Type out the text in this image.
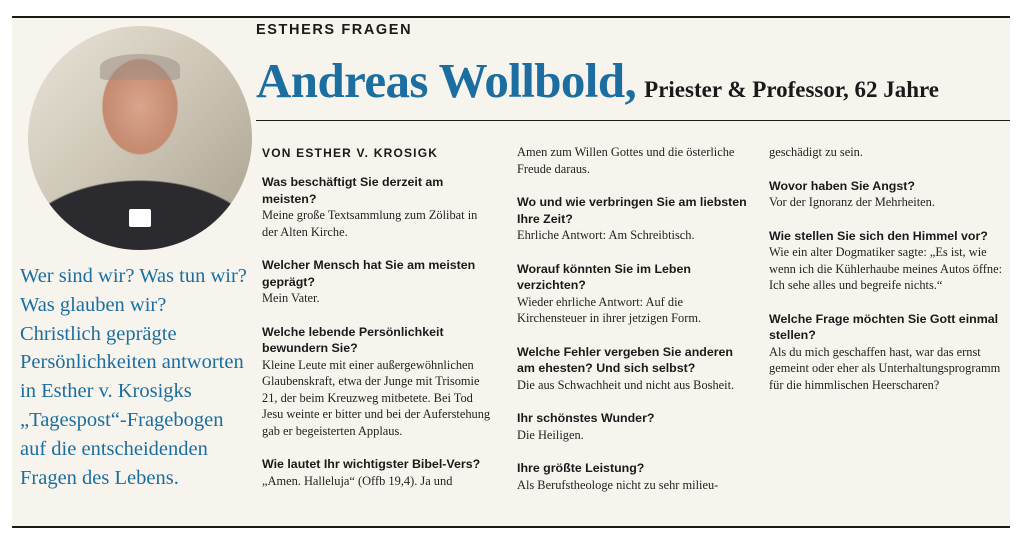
Wer sind wir? Was tun wir? Was glauben wir? Christlich geprägte Persönlichkeiten antworten in Esther v. Krosigks „Tagespost“-Fragebogen auf die entscheidenden Fragen des Lebens.

ESTHERS FRAGEN

Andreas Wollbold, Priester & Professor, 62 Jahre

VON ESTHER V. KROSIGK

Was beschäftigt Sie derzeit am meisten?

Meine große Textsammlung zum Zölibat in der Alten Kirche.

Welcher Mensch hat Sie am meisten geprägt?

Mein Vater.

Welche lebende Persönlichkeit bewundern Sie?

Kleine Leute mit einer außergewöhnlichen Glaubenskraft, etwa der Junge mit Trisomie 21, der beim Kreuzweg mitbetete. Bei Tod Jesu weinte er bitter und bei der Auferstehung gab er begeisterten Applaus.

Wie lautet Ihr wichtigster Bibel-Vers?

„Amen. Halleluja“ (Offb 19,4). Ja und

Amen zum Willen Gottes und die österliche Freude daraus.

Wo und wie verbringen Sie am liebsten Ihre Zeit?

Ehrliche Antwort: Am Schreibtisch.

Worauf könnten Sie im Leben verzichten?

Wieder ehrliche Antwort: Auf die Kirchensteuer in ihrer jetzigen Form.

Welche Fehler vergeben Sie anderen am ehesten? Und sich selbst?

Die aus Schwachheit und nicht aus Bosheit.

Ihr schönstes Wunder?

Die Heiligen.

Ihre größte Leistung?

Als Berufstheologe nicht zu sehr milieu-

geschädigt zu sein.

Wovor haben Sie Angst?

Vor der Ignoranz der Mehrheiten.

Wie stellen Sie sich den Himmel vor?

Wie ein alter Dogmatiker sagte: „Es ist, wie wenn ich die Kühlerhaube meines Autos öffne: Ich sehe alles und begreife nichts.“

Welche Frage möchten Sie Gott einmal stellen?

Als du mich geschaffen hast, war das ernst gemeint oder eher als Unterhaltungsprogramm für die himmlischen Heerscharen?
